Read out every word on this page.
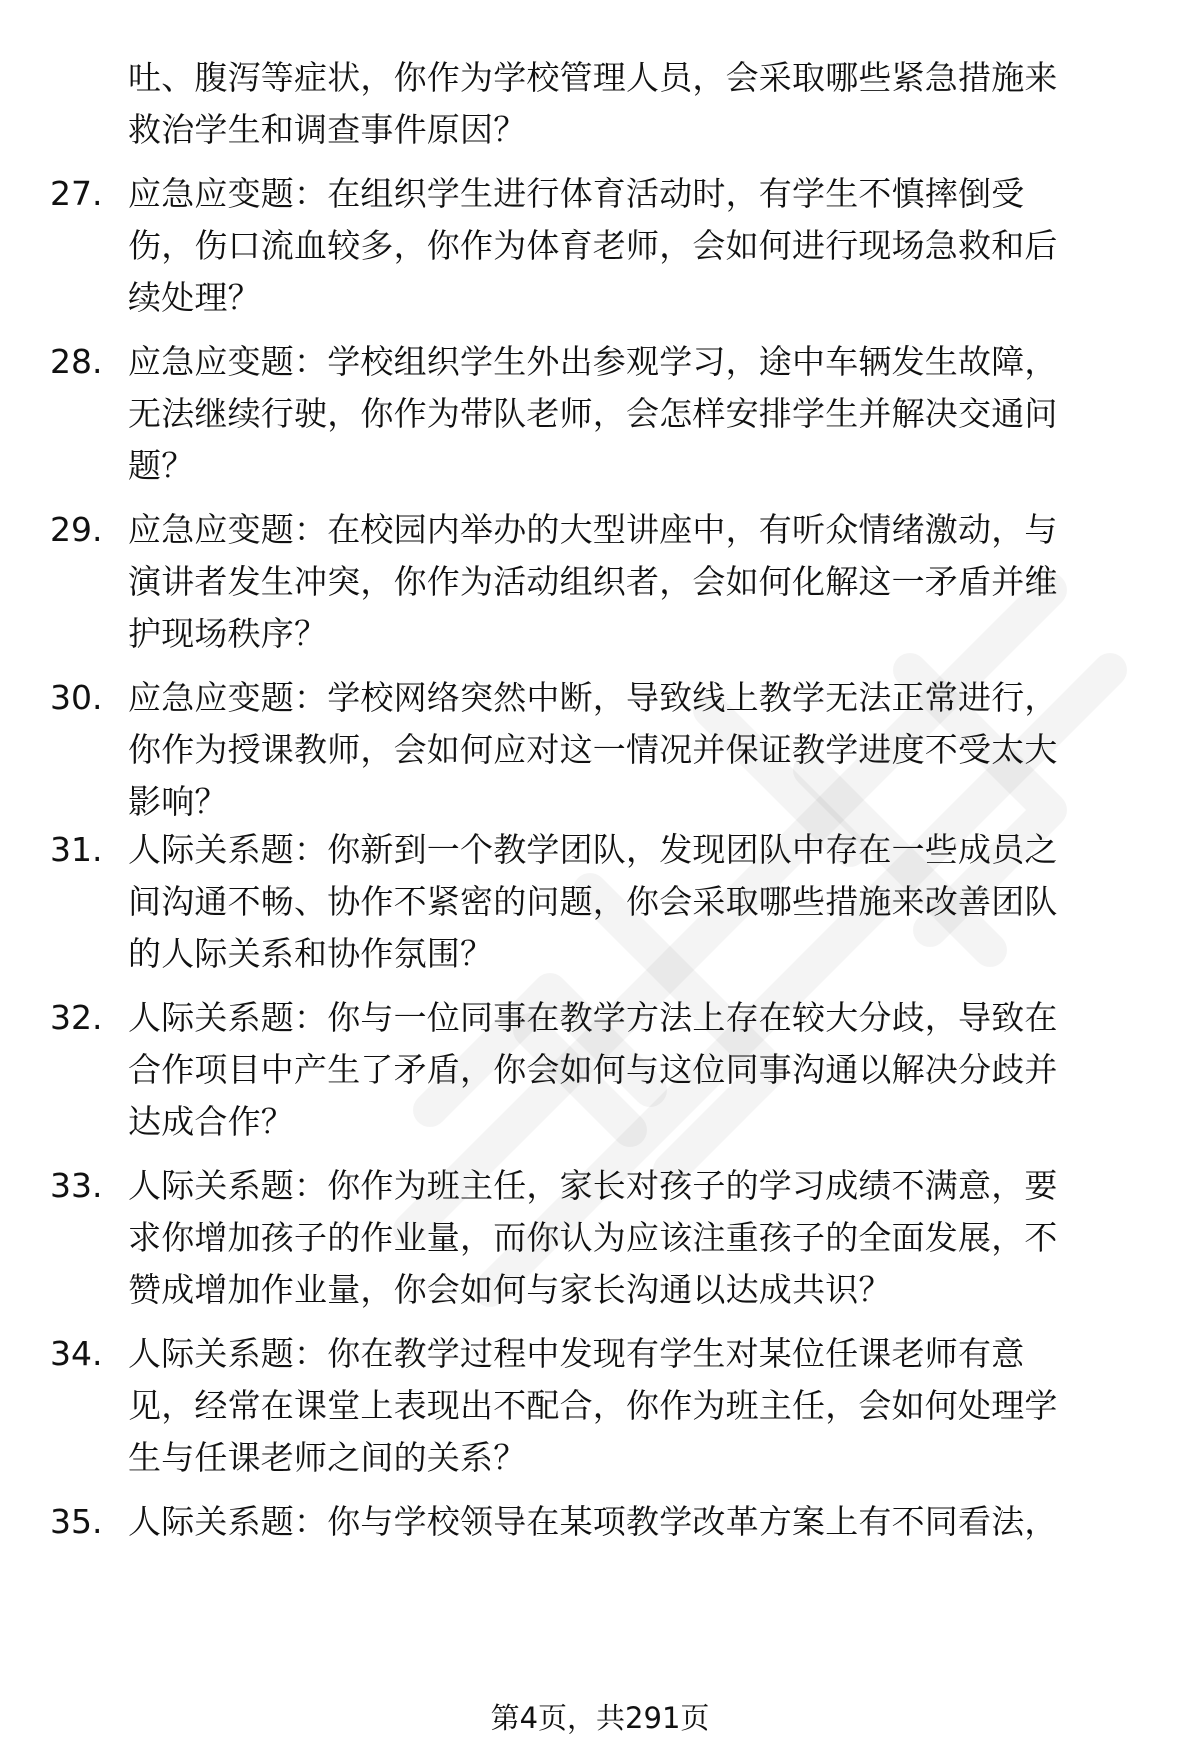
吐、腹泻等症状，你作为学校管理人员，会采取哪些紧急措施来
救治学生和调查事件原因？
27. 应急应变题：在组织学生进行体育活动时，有学生不慎摔倒受
伤，伤口流血较多，你作为体育老师，会如何进行现场急救和后
续处理？
28. 应急应变题：学校组织学生外出参观学习，途中车辆发生故障，
无法继续行驶，你作为带队老师，会怎样安排学生并解决交通问
题？
29. 应急应变题：在校园内举办的大型讲座中，有听众情绪激动，与
演讲者发生冲突，你作为活动组织者，会如何化解这一矛盾并维
护现场秩序？
30. 应急应变题：学校网络突然中断，导致线上教学无法正常进行，
你作为授课教师，会如何应对这一情况并保证教学进度不受太大
影响？
31. 人际关系题：你新到一个教学团队，发现团队中存在一些成员之
间沟通不畅、协作不紧密的问题，你会采取哪些措施来改善团队
的人际关系和协作氛围？
32. 人际关系题：你与一位同事在教学方法上存在较大分歧，导致在
合作项目中产生了矛盾，你会如何与这位同事沟通以解决分歧并
达成合作？
33. 人际关系题：你作为班主任，家长对孩子的学习成绩不满意，要
求你增加孩子的作业量，而你认为应该注重孩子的全面发展，不
赞成增加作业量，你会如何与家长沟通以达成共识？
34. 人际关系题：你在教学过程中发现有学生对某位任课老师有意
见，经常在课堂上表现出不配合，你作为班主任，会如何处理学
生与任课老师之间的关系？
35. 人际关系题：你与学校领导在某项教学改革方案上有不同看法，
第4页，共291页
